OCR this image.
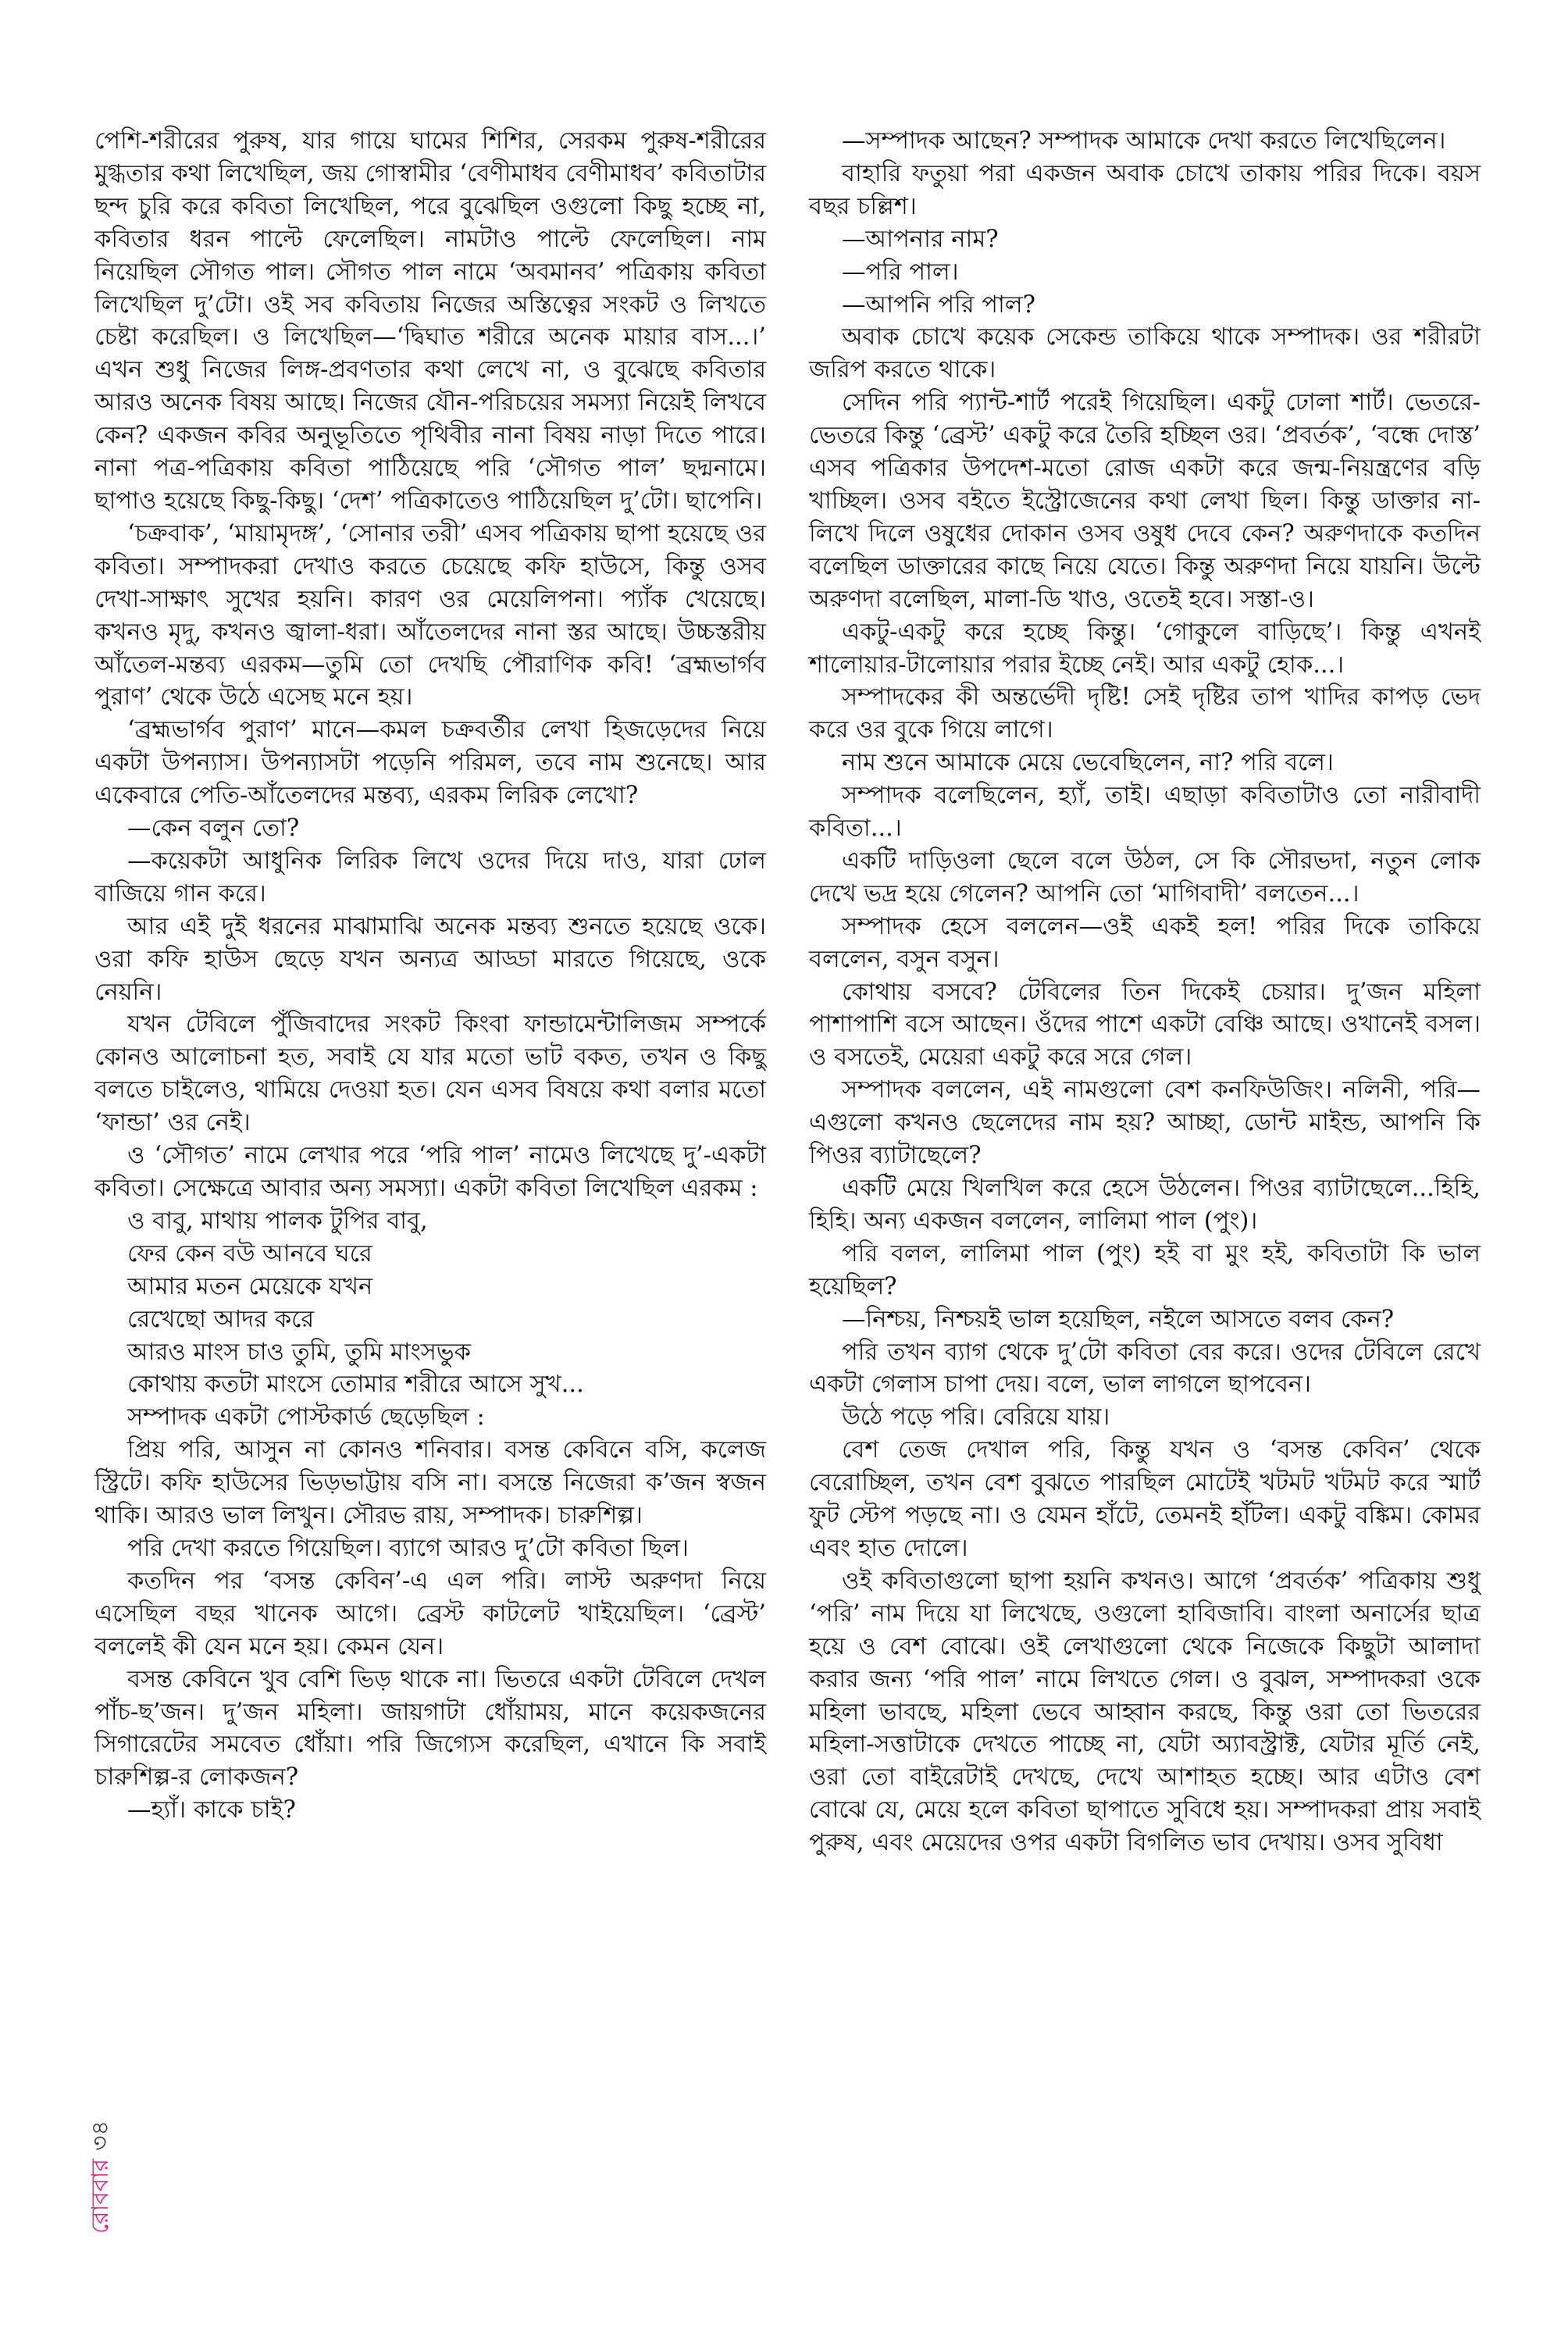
পেশি-শরীরের পুরুষ, যার গায়ে ঘামের শিশির, সেরকম পুরুষ-শরীরের মুগ্ধতার কথা লিখেছিল, জয় গোস্বামীর ‘বেণীমাধব বেণীমাধব’ কবিতাটার ছন্দ চুরি করে কবিতা লিখেছিল, পরে বুঝেছিল ওগুলো কিছু হচ্ছে না, কবিতার ধরন পাল্টে ফেলেছিল। নামটাও পাল্টে ফেলেছিল। নাম নিয়েছিল সৌগত পাল। সৌগত পাল নামে ‘অবমানব’ পত্রিকায় কবিতা লিখেছিল দু’টো। ওই সব কবিতায় নিজের অস্তিত্বের সংকট ও লিখতে চেষ্টা করেছিল। ও লিখেছিল—‘দ্বিঘাত শরীরে অনেক মায়ার বাস...।’ এখন শুধু নিজের লিঙ্গ-প্রবণতার কথা লেখে না, ও বুঝেছে কবিতার আরও অনেক বিষয় আছে। নিজের যৌন-পরিচয়ের সমস্যা নিয়েই লিখবে কেন? একজন কবির অনুভূতিতে পৃথিবীর নানা বিষয় নাড়া দিতে পারে। নানা পত্র-পত্রিকায় কবিতা পাঠিয়েছে পরি ‘সৌগত পাল’ ছদ্মনামে। ছাপাও হয়েছে কিছু-কিছু। ‘দেশ’ পত্রিকাতেও পাঠিয়েছিল দু’টো। ছাপেনি।

‘চক্রবাক’, ‘মায়ামৃদঙ্গ’, ‘সোনার তরী’ এসব পত্রিকায় ছাপা হয়েছে ওর কবিতা। সম্পাদকরা দেখাও করতে চেয়েছে কফি হাউসে, কিন্তু ওসব দেখা-সাক্ষাৎ সুখের হয়নি। কারণ ওর মেয়েলিপনা। প্যাঁক খেয়েছে। কখনও মৃদু, কখনও জ্বালা-ধরা। আঁতেলদের নানা স্তর আছে। উচ্চস্তরীয় আঁতেল-মন্তব্য এরকম—তুমি তো দেখছি পৌরাণিক কবি! ‘ব্রহ্মভার্গব পুরাণ’ থেকে উঠে এসেছ মনে হয়।

‘ব্রহ্মভার্গব পুরাণ’ মানে—কমল চক্রবর্তীর লেখা হিজড়েদের নিয়ে একটা উপন্যাস। উপন্যাসটা পড়েনি পরিমল, তবে নাম শুনেছে। আর একেবারে পেতি-আঁতেলদের মন্তব্য, এরকম লিরিক লেখো?

—কেন বলুন তো?

—কয়েকটা আধুনিক লিরিক লিখে ওদের দিয়ে দাও, যারা ঢোল বাজিয়ে গান করে।

আর এই দুই ধরনের মাঝামাঝি অনেক মন্তব্য শুনতে হয়েছে ওকে। ওরা কফি হাউস ছেড়ে যখন অন্যত্র আড্ডা মারতে গিয়েছে, ওকে নেয়নি।

যখন টেবিলে পুঁজিবাদের সংকট কিংবা ফান্ডামেন্টালিজম সম্পর্কে কোনও আলোচনা হত, সবাই যে যার মতো ভাট বকত, তখন ও কিছু বলতে চাইলেও, থামিয়ে দেওয়া হত। যেন এসব বিষয়ে কথা বলার মতো ‘ফান্ডা’ ওর নেই।

ও ‘সৌগত’ নামে লেখার পরে ‘পরি পাল’ নামেও লিখেছে দু’-একটা কবিতা। সেক্ষেত্রে আবার অন্য সমস্যা। একটা কবিতা লিখেছিল এরকম :

ও বাবু, মাথায় পালক টুপির বাবু,

ফের কেন বউ আনবে ঘরে

আমার মতন মেয়েকে যখন

রেখেছো আদর করে

আরও মাংস চাও তুমি, তুমি মাংসভুক

কোথায় কতটা মাংসে তোমার শরীরে আসে সুখ...

সম্পাদক একটা পোস্টকার্ড ছেড়েছিল :

প্রিয় পরি, আসুন না কোনও শনিবার। বসন্ত কেবিনে বসি, কলেজ স্ট্রিটে। কফি হাউসের ভিড়ভাট্টায় বসি না। বসন্তে নিজেরা ক’জন স্বজন থাকি। আরও ভাল লিখুন। সৌরভ রায়, সম্পাদক। চারুশিল্প।

পরি দেখা করতে গিয়েছিল। ব্যাগে আরও দু’টো কবিতা ছিল।

কতদিন পর ‘বসন্ত কেবিন’-এ এল পরি। লাস্ট অরুণদা নিয়ে এসেছিল বছর খানেক আগে। ব্রেস্ট কাটলেট খাইয়েছিল। ‘ব্রেস্ট’ বললেই কী যেন মনে হয়। কেমন যেন।

বসন্ত কেবিনে খুব বেশি ভিড় থাকে না। ভিতরে একটা টেবিলে দেখল পাঁচ-ছ’জন। দু’জন মহিলা। জায়গাটা ধোঁয়াময়, মানে কয়েকজনের সিগারেটের সমবেত ধোঁয়া। পরি জিগ্যেস করেছিল, এখানে কি সবাই চারুশিল্প-র লোকজন?

—হ্যাঁ। কাকে চাই?

—সম্পাদক আছেন? সম্পাদক আমাকে দেখা করতে লিখেছিলেন।

বাহারি ফতুয়া পরা একজন অবাক চোখে তাকায় পরির দিকে। বয়স বছর চল্লিশ।

—আপনার নাম?

—পরি পাল।

—আপনি পরি পাল?

অবাক চোখে কয়েক সেকেন্ড তাকিয়ে থাকে সম্পাদক। ওর শরীরটা জরিপ করতে থাকে।

সেদিন পরি প্যান্ট-শার্ট পরেই গিয়েছিল। একটু ঢোলা শার্ট। ভেতরে-ভেতরে কিন্তু ‘ব্রেস্ট’ একটু করে তৈরি হচ্ছিল ওর। ‘প্রবর্তক’, ‘বন্ধে দোস্ত’ এসব পত্রিকার উপদেশ-মতো রোজ একটা করে জন্ম-নিয়ন্ত্রণের বড়ি খাচ্ছিল। ওসব বইতে ইস্ট্রোজেনের কথা লেখা ছিল। কিন্তু ডাক্তার না-লিখে দিলে ওষুধের দোকান ওসব ওষুধ দেবে কেন? অরুণদাকে কতদিন বলেছিল ডাক্তারের কাছে নিয়ে যেতে। কিন্তু অরুণদা নিয়ে যায়নি। উল্টে অরুণদা বলেছিল, মালা-ডি খাও, ওতেই হবে। সস্তা-ও।

একটু-একটু করে হচ্ছে কিন্তু। ‘গোকুলে বাড়িছে’। কিন্তু এখনই শালোয়ার-টালোয়ার পরার ইচ্ছে নেই। আর একটু হোক...।

সম্পাদকের কী অন্তর্ভেদী দৃষ্টি! সেই দৃষ্টির তাপ খাদির কাপড় ভেদ করে ওর বুকে গিয়ে লাগে।

নাম শুনে আমাকে মেয়ে ভেবেছিলেন, না? পরি বলে।

সম্পাদক বলেছিলেন, হ্যাঁ, তাই। এছাড়া কবিতাটাও তো নারীবাদী কবিতা...।

একটি দাড়িওলা ছেলে বলে উঠল, সে কি সৌরভদা, নতুন লোক দেখে ভদ্র হয়ে গেলেন? আপনি তো ‘মাগিবাদী’ বলতেন...।

সম্পাদক হেসে বললেন—ওই একই হল! পরির দিকে তাকিয়ে বললেন, বসুন বসুন।

কোথায় বসবে? টেবিলের তিন দিকেই চেয়ার। দু’জন মহিলা পাশাপাশি বসে আছেন। ওঁদের পাশে একটা বেঞ্চি আছে। ওখানেই বসল। ও বসতেই, মেয়েরা একটু করে সরে গেল।

সম্পাদক বললেন, এই নামগুলো বেশ কনফিউজিং। নলিনী, পরি—এগুলো কখনও ছেলেদের নাম হয়? আচ্ছা, ডোন্ট মাইন্ড, আপনি কি পিওর ব্যাটাছেলে?

একটি মেয়ে খিলখিল করে হেসে উঠলেন। পিওর ব্যাটাছেলে...হিহি, হিহি। অন্য একজন বললেন, লালিমা পাল (পুং)।

পরি বলল, লালিমা পাল (পুং) হই বা মুং হই, কবিতাটা কি ভাল হয়েছিল?

—নিশ্চয়, নিশ্চয়ই ভাল হয়েছিল, নইলে আসতে বলব কেন?

পরি তখন ব্যাগ থেকে দু’টো কবিতা বের করে। ওদের টেবিলে রেখে একটা গেলাস চাপা দেয়। বলে, ভাল লাগলে ছাপবেন।

উঠে পড়ে পরি। বেরিয়ে যায়।

বেশ তেজ দেখাল পরি, কিন্তু যখন ও ‘বসন্ত কেবিন’ থেকে বেরোচ্ছিল, তখন বেশ বুঝতে পারছিল মোটেই খটমট খটমট করে স্মার্ট ফুট স্টেপ পড়ছে না। ও যেমন হাঁটে, তেমনই হাঁটল। একটু বঙ্কিম। কোমর এবং হাত দোলে।

ওই কবিতাগুলো ছাপা হয়নি কখনও। আগে ‘প্রবর্তক’ পত্রিকায় শুধু ‘পরি’ নাম দিয়ে যা লিখেছে, ওগুলো হাবিজাবি। বাংলা অনার্সের ছাত্র হয়ে ও বেশ বোঝে। ওই লেখাগুলো থেকে নিজেকে কিছুটা আলাদা করার জন্য ‘পরি পাল’ নামে লিখতে গেল। ও বুঝল, সম্পাদকরা ওকে মহিলা ভাবছে, মহিলা ভেবে আহ্বান করছে, কিন্তু ওরা তো ভিতরের মহিলা-সত্তাটাকে দেখতে পাচ্ছে না, যেটা অ্যাবস্ট্রাক্ট, যেটার মূর্তি নেই, ওরা তো বাইরেটাই দেখছে, দেখে আশাহত হচ্ছে। আর এটাও বেশ বোঝে যে, মেয়ে হলে কবিতা ছাপাতে সুবিধে হয়। সম্পাদকরা প্রায় সবাই পুরুষ, এবং মেয়েদের ওপর একটা বিগলিত ভাব দেখায়। ওসব সুবিধা

রোববার৩৪
